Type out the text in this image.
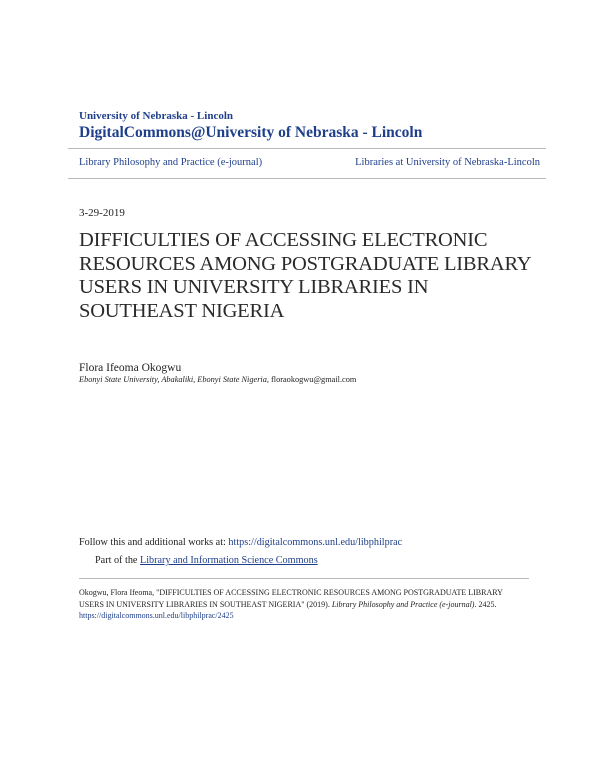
University of Nebraska - Lincoln
DigitalCommons@University of Nebraska - Lincoln
Library Philosophy and Practice (e-journal)	Libraries at University of Nebraska-Lincoln
3-29-2019
DIFFICULTIES OF ACCESSING ELECTRONIC RESOURCES AMONG POSTGRADUATE LIBRARY USERS IN UNIVERSITY LIBRARIES IN SOUTHEAST NIGERIA
Flora Ifeoma Okogwu
Ebonyi State University, Abakaliki, Ebonyi State Nigeria, floraokogwu@gmail.com
Follow this and additional works at: https://digitalcommons.unl.edu/libphilprac
Part of the Library and Information Science Commons
Okogwu, Flora Ifeoma, "DIFFICULTIES OF ACCESSING ELECTRONIC RESOURCES AMONG POSTGRADUATE LIBRARY USERS IN UNIVERSITY LIBRARIES IN SOUTHEAST NIGERIA" (2019). Library Philosophy and Practice (e-journal). 2425.
https://digitalcommons.unl.edu/libphilprac/2425
